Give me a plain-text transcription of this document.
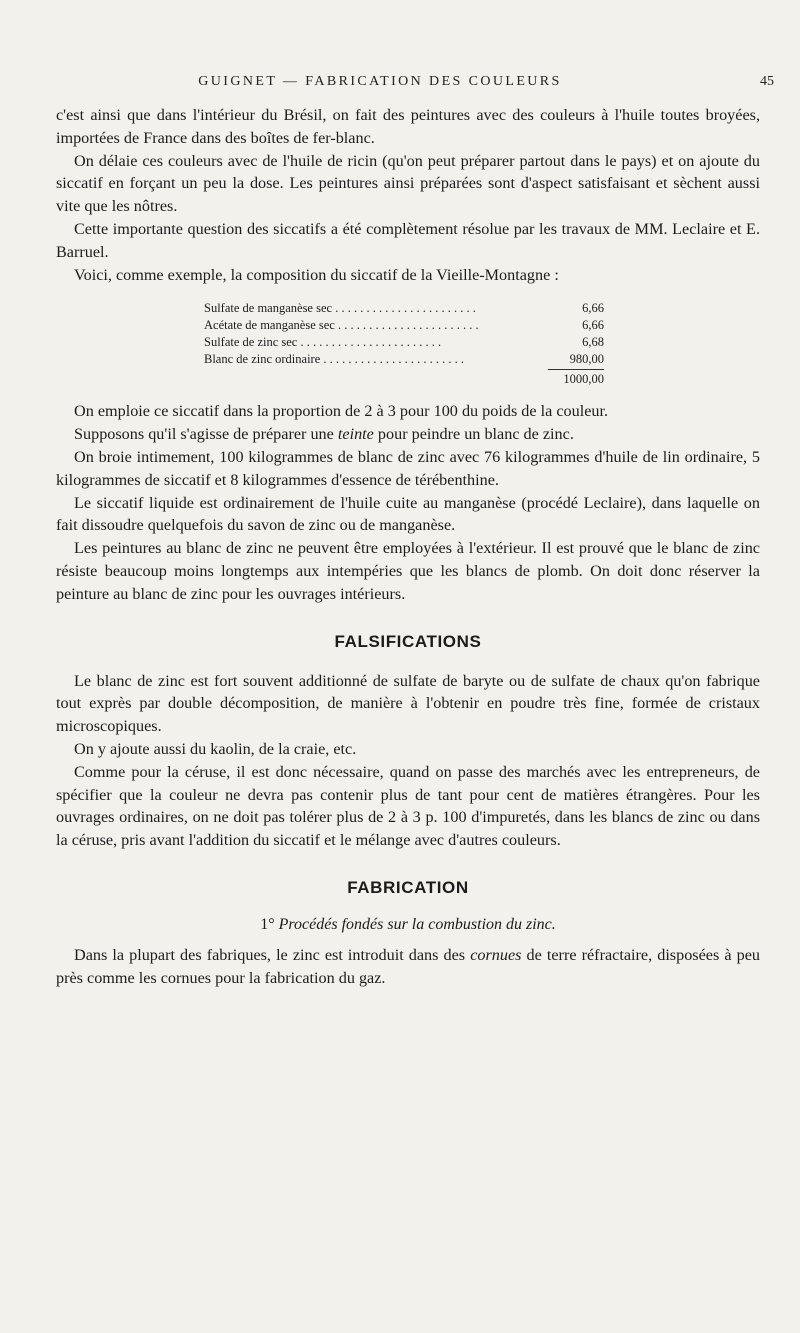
GUIGNET — FABRICATION DES COULEURS	45

c'est ainsi que dans l'intérieur du Brésil, on fait des peintures avec des couleurs à l'huile toutes broyées, importées de France dans des boîtes de fer-blanc.

On délaie ces couleurs avec de l'huile de ricin (qu'on peut préparer partout dans le pays) et on ajoute du siccatif en forçant un peu la dose. Les peintures ainsi préparées sont d'aspect satisfaisant et sèchent aussi vite que les nôtres.

Cette importante question des siccatifs a été complètement résolue par les travaux de MM. Leclaire et E. Barruel.

Voici, comme exemple, la composition du siccatif de la Vieille-Montagne :

Sulfate de manganèse sec . . .	6,66
Acétate de manganèse sec . . .	6,66
Sulfate de zinc sec . . .	6,68
Blanc de zinc ordinaire . . .	980,00
1000,00

On emploie ce siccatif dans la proportion de 2 à 3 pour 100 du poids de la couleur.

Supposons qu'il s'agisse de préparer une teinte pour peindre un blanc de zinc.

On broie intimement, 100 kilogrammes de blanc de zinc avec 76 kilogrammes d'huile de lin ordinaire, 5 kilogrammes de siccatif et 8 kilogrammes d'essence de térébenthine.

Le siccatif liquide est ordinairement de l'huile cuite au manganèse (procédé Leclaire), dans laquelle on fait dissoudre quelquefois du savon de zinc ou de manganèse.

Les peintures au blanc de zinc ne peuvent être employées à l'extérieur. Il est prouvé que le blanc de zinc résiste beaucoup moins longtemps aux intempéries que les blancs de plomb. On doit donc réserver la peinture au blanc de zinc pour les ouvrages intérieurs.

FALSIFICATIONS

Le blanc de zinc est fort souvent additionné de sulfate de baryte ou de sulfate de chaux qu'on fabrique tout exprès par double décomposition, de manière à l'obtenir en poudre très fine, formée de cristaux microscopiques.

On y ajoute aussi du kaolin, de la craie, etc.

Comme pour la céruse, il est donc nécessaire, quand on passe des marchés avec les entrepreneurs, de spécifier que la couleur ne devra pas contenir plus de tant pour cent de matières étrangères. Pour les ouvrages ordinaires, on ne doit pas tolérer plus de 2 à 3 p. 100 d'impuretés, dans les blancs de zinc ou dans la céruse, pris avant l'addition du siccatif et le mélange avec d'autres couleurs.

FABRICATION
1° Procédés fondés sur la combustion du zinc.

Dans la plupart des fabriques, le zinc est introduit dans des cornues de terre réfractaire, disposées à peu près comme les cornues pour la fabrication du gaz.
